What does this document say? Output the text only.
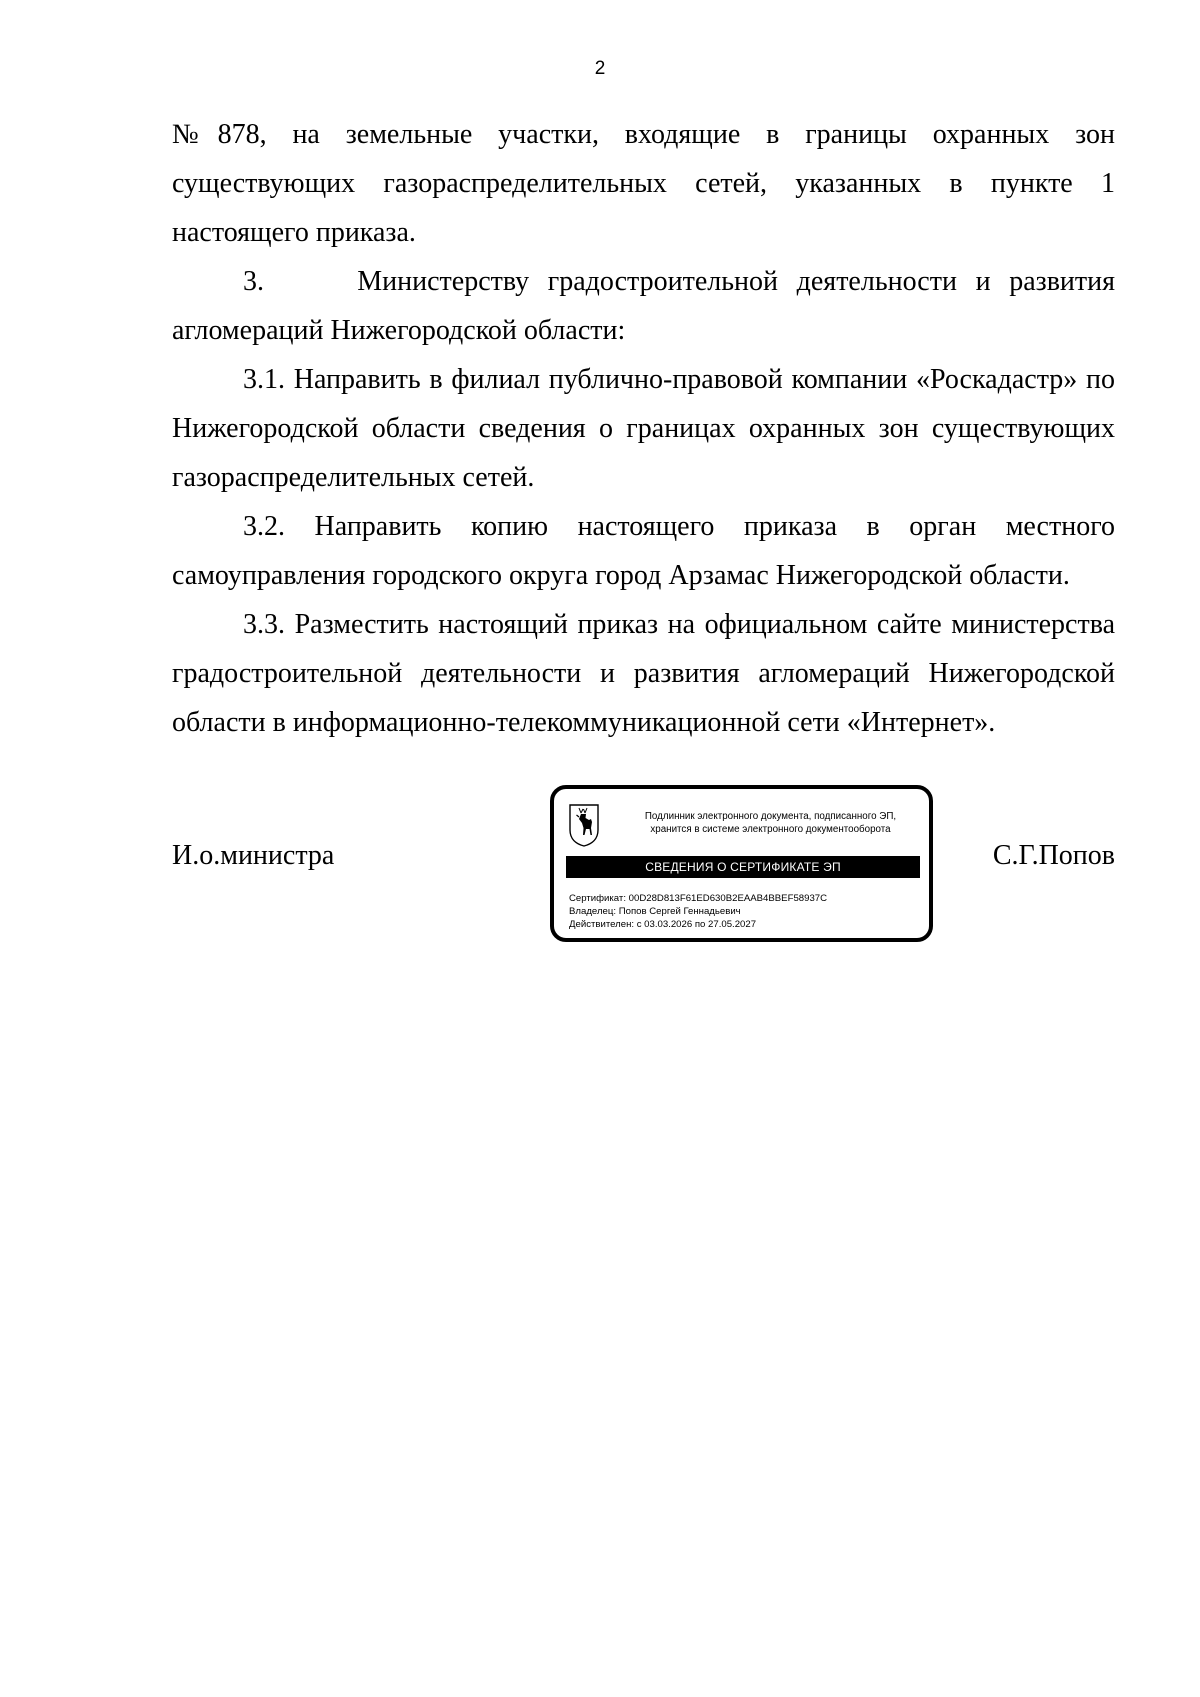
2

№878, на земельные участки, входящие в границы охранных зон существующих газораспределительных сетей, указанных в пункте 1 настоящего приказа.

3.     Министерству градостроительной деятельности и развития агломераций Нижегородской области:

3.1. Направить в филиал публично-правовой компании «Роскадастр» по Нижегородской области сведения о границах охранных зон существующих газораспределительных сетей.

3.2. Направить копию настоящего приказа в орган местного самоуправления городского округа город Арзамас Нижегородской области.

3.3. Разместить настоящий приказ на официальном сайте министерства градостроительной деятельности и развития агломераций Нижегородской области в информационно-телекоммуникационной сети «Интернет».

И.о.министра	С.Г.Попов
Подлинник электронного документа, подписанного ЭП,
хранится в системе электронного документооборота
СВЕДЕНИЯ О СЕРТИФИКАТЕ ЭП
Сертификат: 00D28D813F61ED630B2EAAB4BBEF58937C
Владелец: Попов Сергей Геннадьевич
Действителен: с 03.03.2026 по 27.05.2027
